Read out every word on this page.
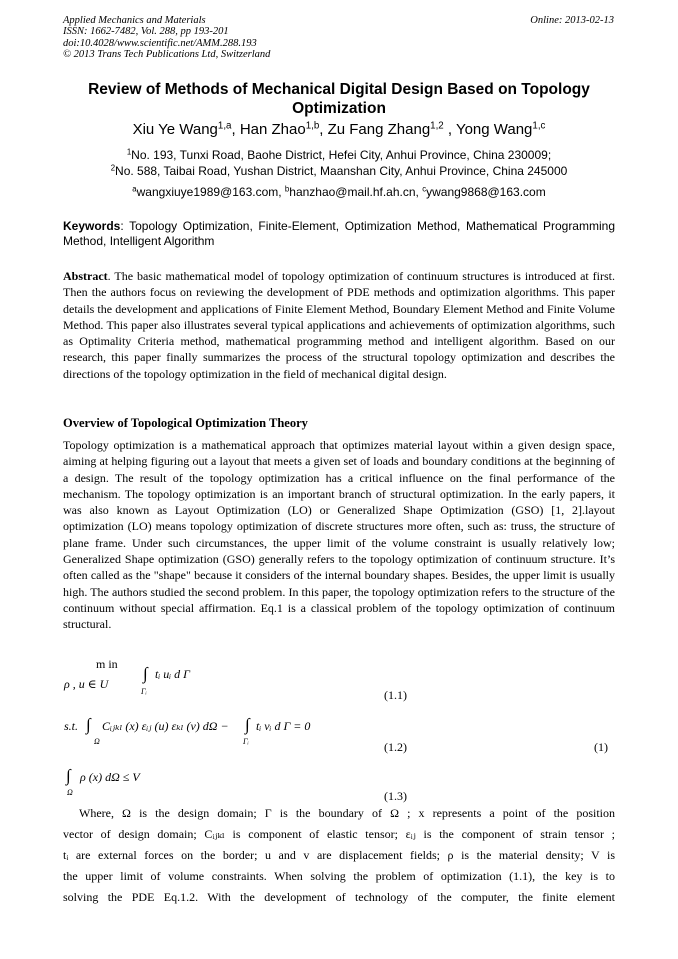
Applied Mechanics and Materials
ISSN: 1662-7482, Vol. 288, pp 193-201
doi:10.4028/www.scientific.net/AMM.288.193
© 2013 Trans Tech Publications Ltd, Switzerland
Online: 2013-02-13
Review of Methods of Mechanical Digital Design Based on Topology
Optimization
Xiu Ye Wang$^{1,a}$, Han Zhao$^{1,b}$, Zu Fang Zhang$^{1,2}$ , Yong Wang$^{1,c}$
$^1$No. 193, Tunxi Road, Baohe District, Hefei City, Anhui Province, China 230009;
$^2$No. 588, Taibai Road, Yushan District, Maanshan City, Anhui Province, China 245000
$^a$wangxiuye1989@163.com, $^b$hanzhao@mail.hf.ah.cn, $^c$ywang9868@163.com
Keywords: Topology Optimization, Finite-Element, Optimization Method, Mathematical Programming Method, Intelligent Algorithm
Abstract. The basic mathematical model of topology optimization of continuum structures is introduced at first. Then the authors focus on reviewing the development of PDE methods and optimization algorithms. This paper details the development and applications of Finite Element Method, Boundary Element Method and Finite Volume Method. This paper also illustrates several typical applications and achievements of optimization algorithms, such as Optimality Criteria method, mathematical programming method and intelligent algorithm. Based on our research, this paper finally summarizes the process of the structural topology optimization and describes the directions of the topology optimization in the field of mechanical digital design.
Overview of Topological Optimization Theory
Topology optimization is a mathematical approach that optimizes material layout within a given design space, aiming at helping figuring out a layout that meets a given set of loads and boundary conditions at the beginning of a design. The result of the topology optimization has a critical influence on the final performance of the mechanism. The topology optimization is an important branch of structural optimization. In the early papers, it was also known as Layout Optimization (LO) or Generalized Shape Optimization (GSO) [1, 2].layout optimization (LO) means topology optimization of discrete structures more often, such as: truss, the structure of plane frame. Under such circumstances, the upper limit of the volume constraint is usually relatively low; Generalized Shape optimization (GSO) generally refers to the topology optimization of continuum structure. It’s often called as the "shape" because it considers of the internal boundary shapes. Besides, the upper limit is usually high. The authors studied the second problem. In this paper, the topology optimization refers to the structure of the continuum without special affirmation. Eq.1 is a classical problem of the topology optimization of continuum structural.
m in
ρ , u ∈ U
∫
Γᵢ
tᵢ uᵢ d Γ
(1.1)
s.t. ∫
Ω
Cᵢⱼₖₗ (x) εᵢⱼ (u) εₖₗ (v) dΩ − ∫
Γᵢ
tᵢ vᵢ d Γ = 0
(1.2)	(1)
∫
Ω
ρ (x) dΩ ≤ V
(1.3)
Where, Ω is the design domain; Γ is the boundary of Ω ; x represents a point of the position
vector of design domain; Cᵢⱼₖₗ is component of elastic tensor; εᵢⱼ is the component of strain tensor ;
tᵢ are external forces on the border; u and v are displacement fields; ρ is the material density; V is
the upper limit of volume constraints. When solving the problem of optimization (1.1), the key is to
solving the PDE Eq.1.2. With the development of technology of the computer, the finite element
